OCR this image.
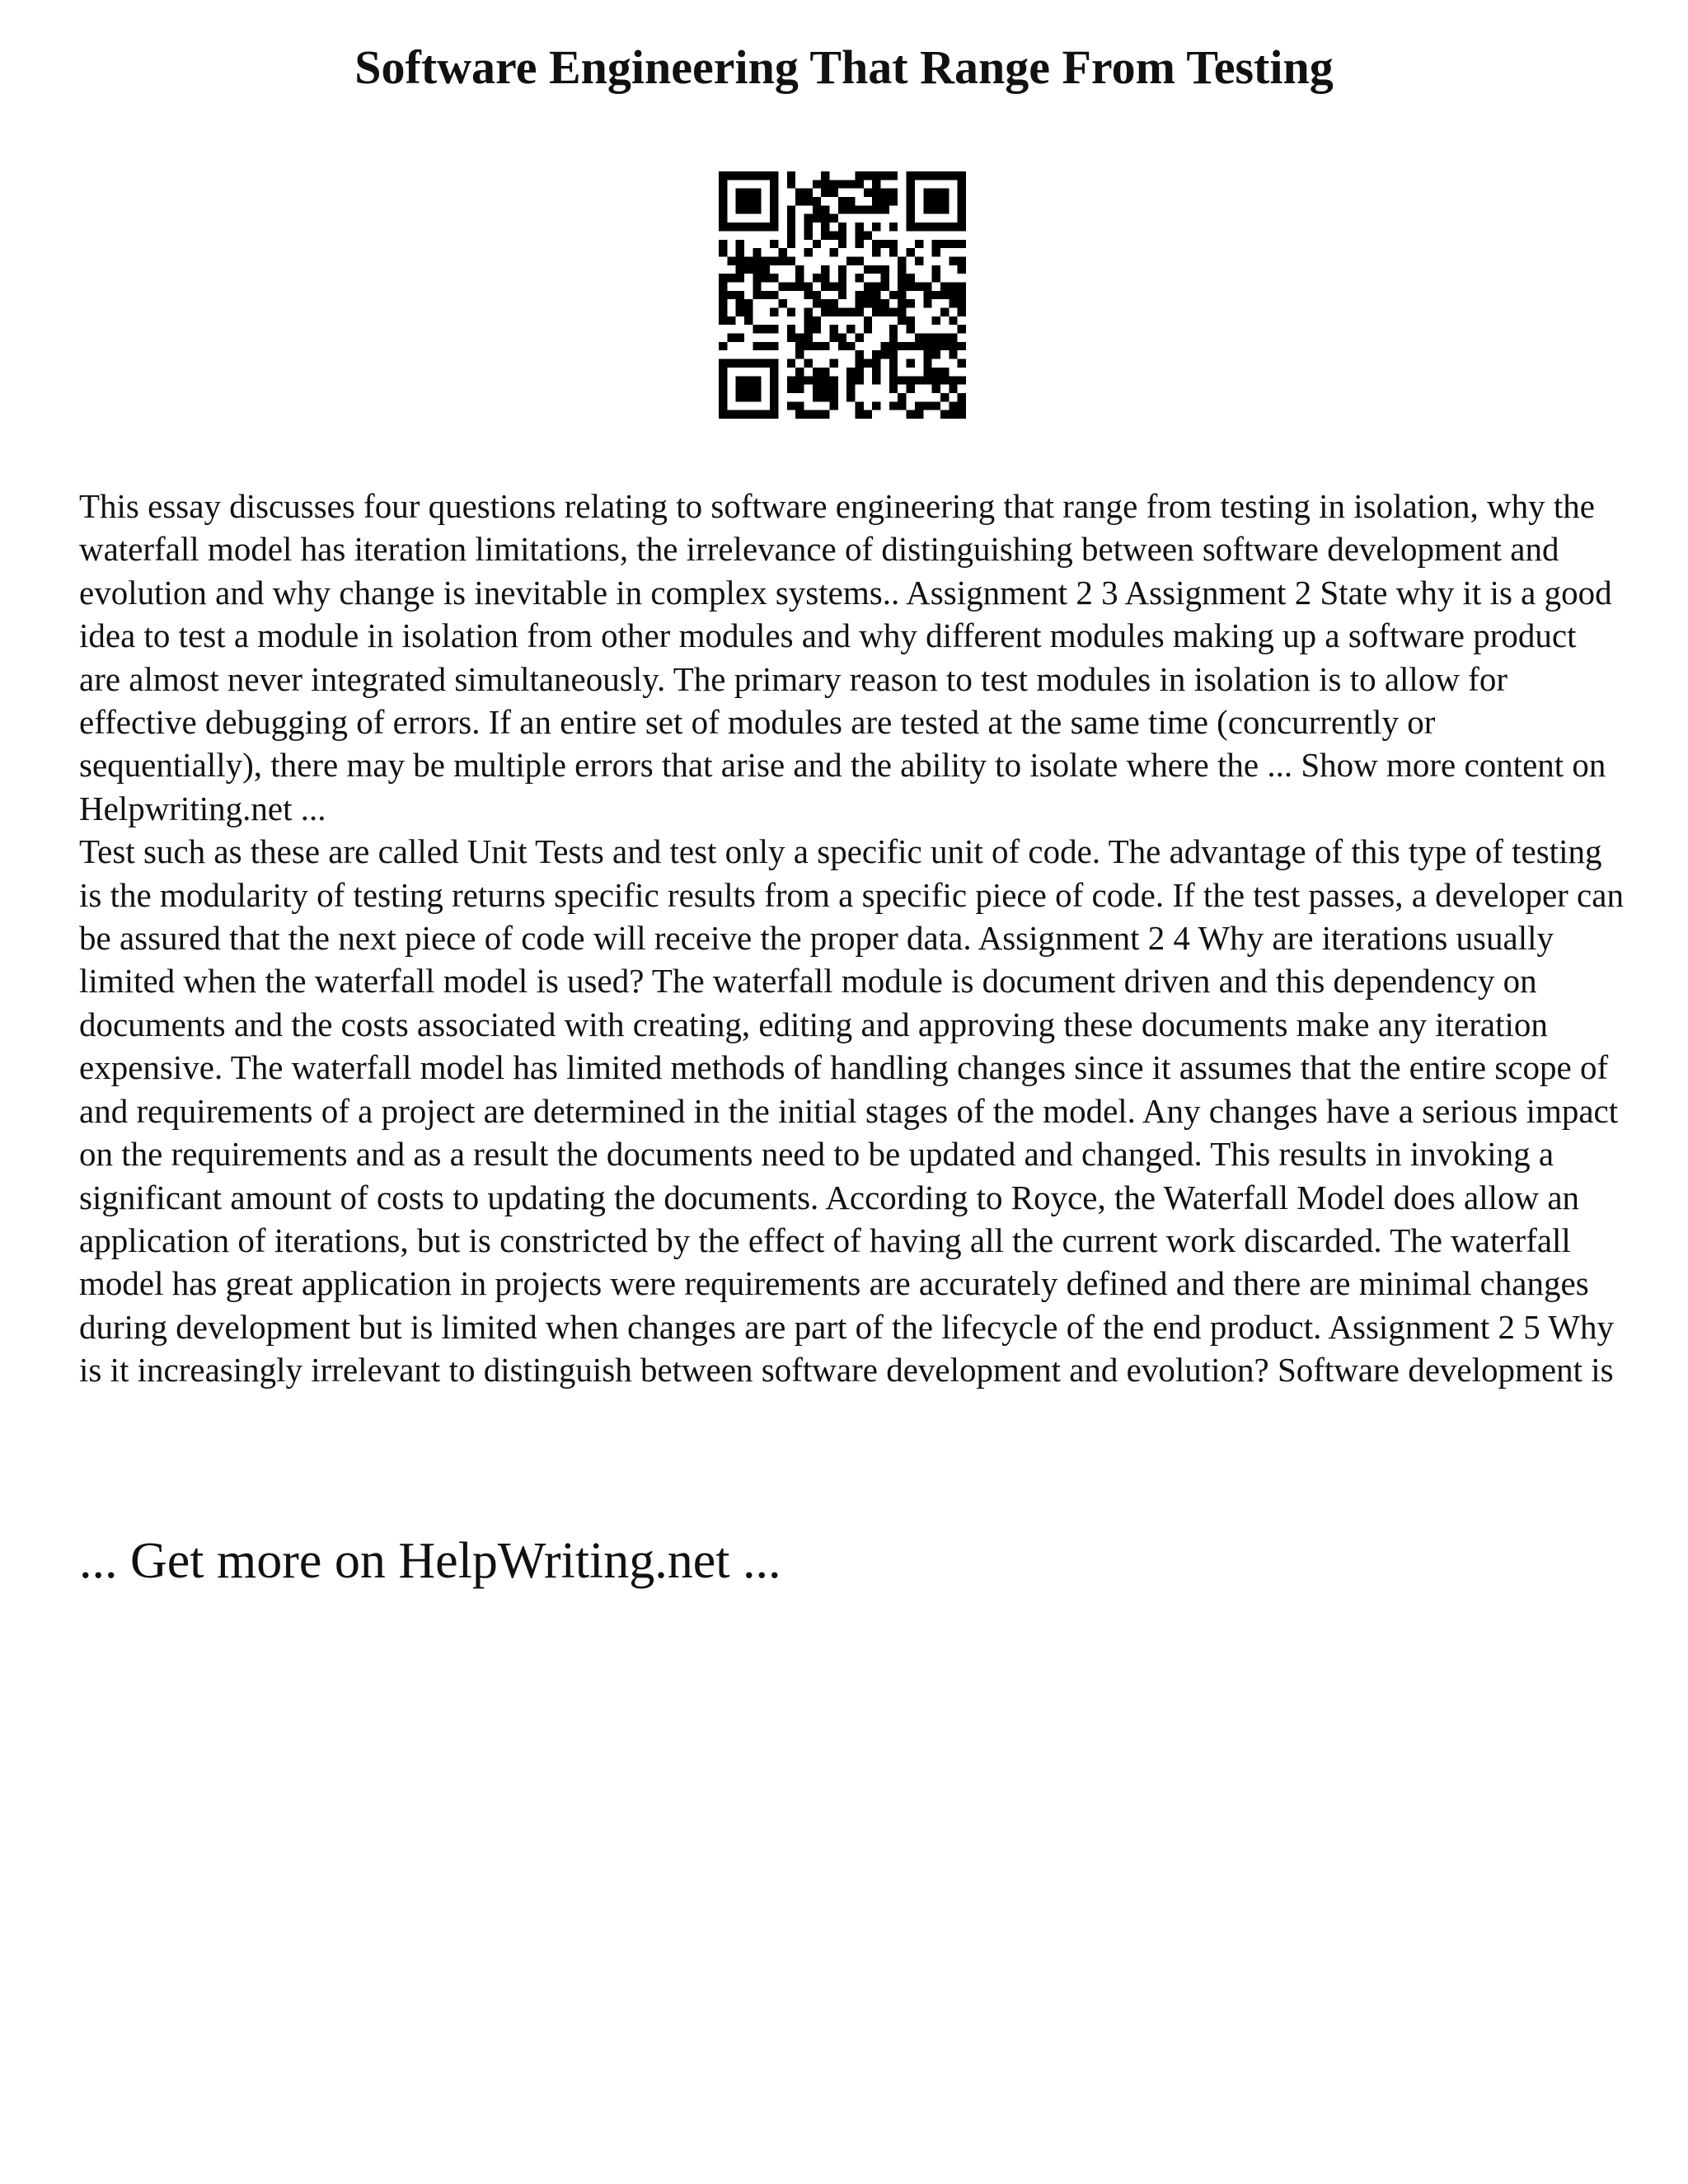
Software Engineering That Range From Testing

This essay discusses four questions relating to software engineering that range from testing in isolation, why the waterfall model has iteration limitations, the irrelevance of distinguishing between software development and evolution and why change is inevitable in complex systems.. Assignment 2 3 Assignment 2 State why it is a good idea to test a module in isolation from other modules and why different modules making up a software product are almost never integrated simultaneously. The primary reason to test modules in isolation is to allow for effective debugging of errors. If an entire set of modules are tested at the same time (concurrently or sequentially), there may be multiple errors that arise and the ability to isolate where the ... Show more content on Helpwriting.net ...

Test such as these are called Unit Tests and test only a specific unit of code. The advantage of this type of testing is the modularity of testing returns specific results from a specific piece of code. If the test passes, a developer can be assured that the next piece of code will receive the proper data. Assignment 2 4 Why are iterations usually limited when the waterfall model is used? The waterfall module is document driven and this dependency on documents and the costs associated with creating, editing and approving these documents make any iteration expensive. The waterfall model has limited methods of handling changes since it assumes that the entire scope of and requirements of a project are determined in the initial stages of the model. Any changes have a serious impact on the requirements and as a result the documents need to be updated and changed. This results in invoking a significant amount of costs to updating the documents. According to Royce, the Waterfall Model does allow an application of iterations, but is constricted by the effect of having all the current work discarded. The waterfall model has great application in projects were requirements are accurately defined and there are minimal changes during development but is limited when changes are part of the lifecycle of the end product. Assignment 2 5 Why is it increasingly irrelevant to distinguish between software development and evolution? Software development is

... Get more on HelpWriting.net ...
